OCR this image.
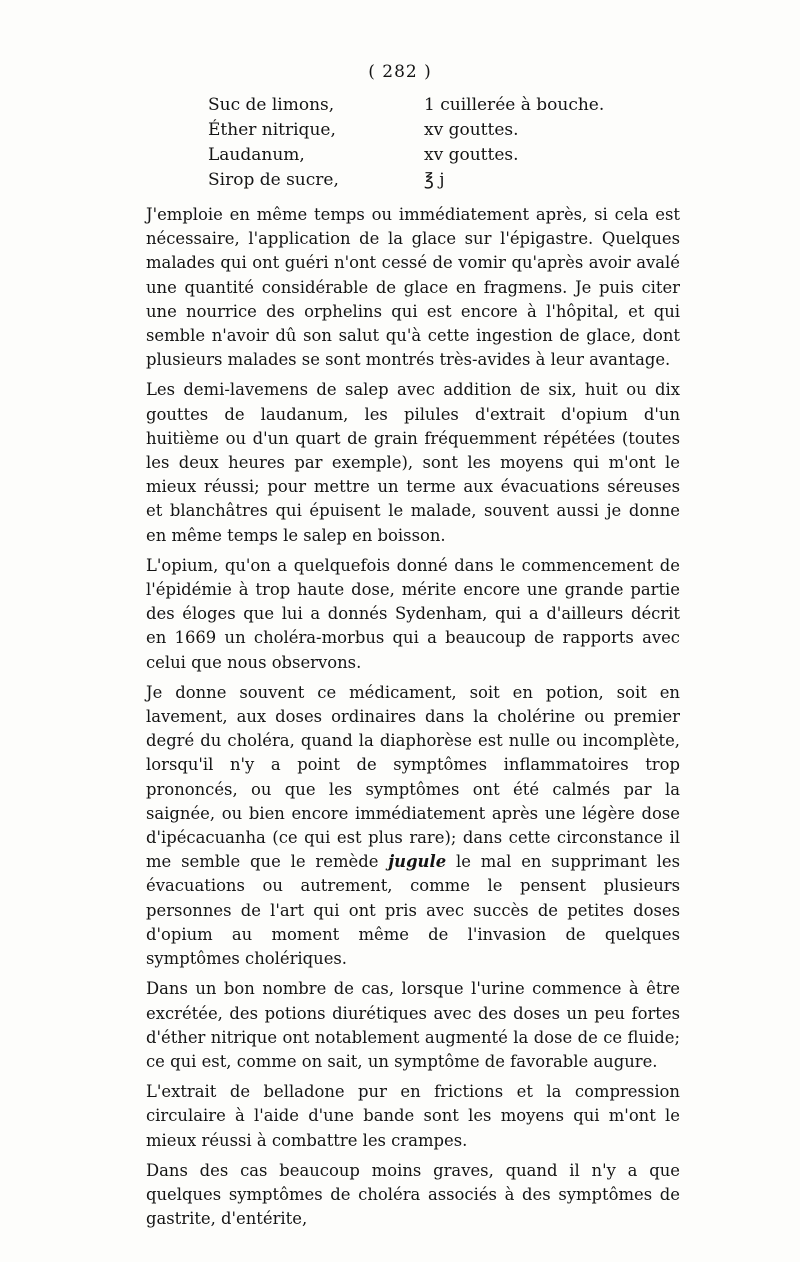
( 282 )
Suc de limons,	1 cuillerée à bouche.
Éther nitrique,	xv gouttes.
Laudanum,	xv gouttes.
Sirop de sucre,	℥ j

J'emploie en même temps ou immédiatement après, si cela est nécessaire, l'application de la glace sur l'épigastre. Quelques malades qui ont guéri n'ont cessé de vomir qu'après avoir avalé une quantité considérable de glace en fragmens. Je puis citer une nourrice des orphelins qui est encore à l'hôpital, et qui semble n'avoir dû son salut qu'à cette ingestion de glace, dont plusieurs malades se sont montrés très-avides à leur avantage.

Les demi-lavemens de salep avec addition de six, huit ou dix gouttes de laudanum, les pilules d'extrait d'opium d'un huitième ou d'un quart de grain fréquemment répétées (toutes les deux heures par exemple), sont les moyens qui m'ont le mieux réussi; pour mettre un terme aux évacuations séreuses et blanchâtres qui épuisent le malade, souvent aussi je donne en même temps le salep en boisson.

L'opium, qu'on a quelquefois donné dans le commencement de l'épidémie à trop haute dose, mérite encore une grande partie des éloges que lui a donnés Sydenham, qui a d'ailleurs décrit en 1669 un choléra-morbus qui a beaucoup de rapports avec celui que nous observons.

Je donne souvent ce médicament, soit en potion, soit en lavement, aux doses ordinaires dans la cholérine ou premier degré du choléra, quand la diaphorèse est nulle ou incomplète, lorsqu'il n'y a point de symptômes inflammatoires trop prononcés, ou que les symptômes ont été calmés par la saignée, ou bien encore immédiatement après une légère dose d'ipécacuanha (ce qui est plus rare); dans cette circonstance il me semble que le remède jugule le mal en supprimant les évacuations ou autrement, comme le pensent plusieurs personnes de l'art qui ont pris avec succès de petites doses d'opium au moment même de l'invasion de quelques symptômes cholériques.

Dans un bon nombre de cas, lorsque l'urine commence à être excrétée, des potions diurétiques avec des doses un peu fortes d'éther nitrique ont notablement augmenté la dose de ce fluide; ce qui est, comme on sait, un symptôme de favorable augure.

L'extrait de belladone pur en frictions et la compression circulaire à l'aide d'une bande sont les moyens qui m'ont le mieux réussi à combattre les crampes.

Dans des cas beaucoup moins graves, quand il n'y a que quelques symptômes de choléra associés à des symptômes de gastrite, d'entérite,
